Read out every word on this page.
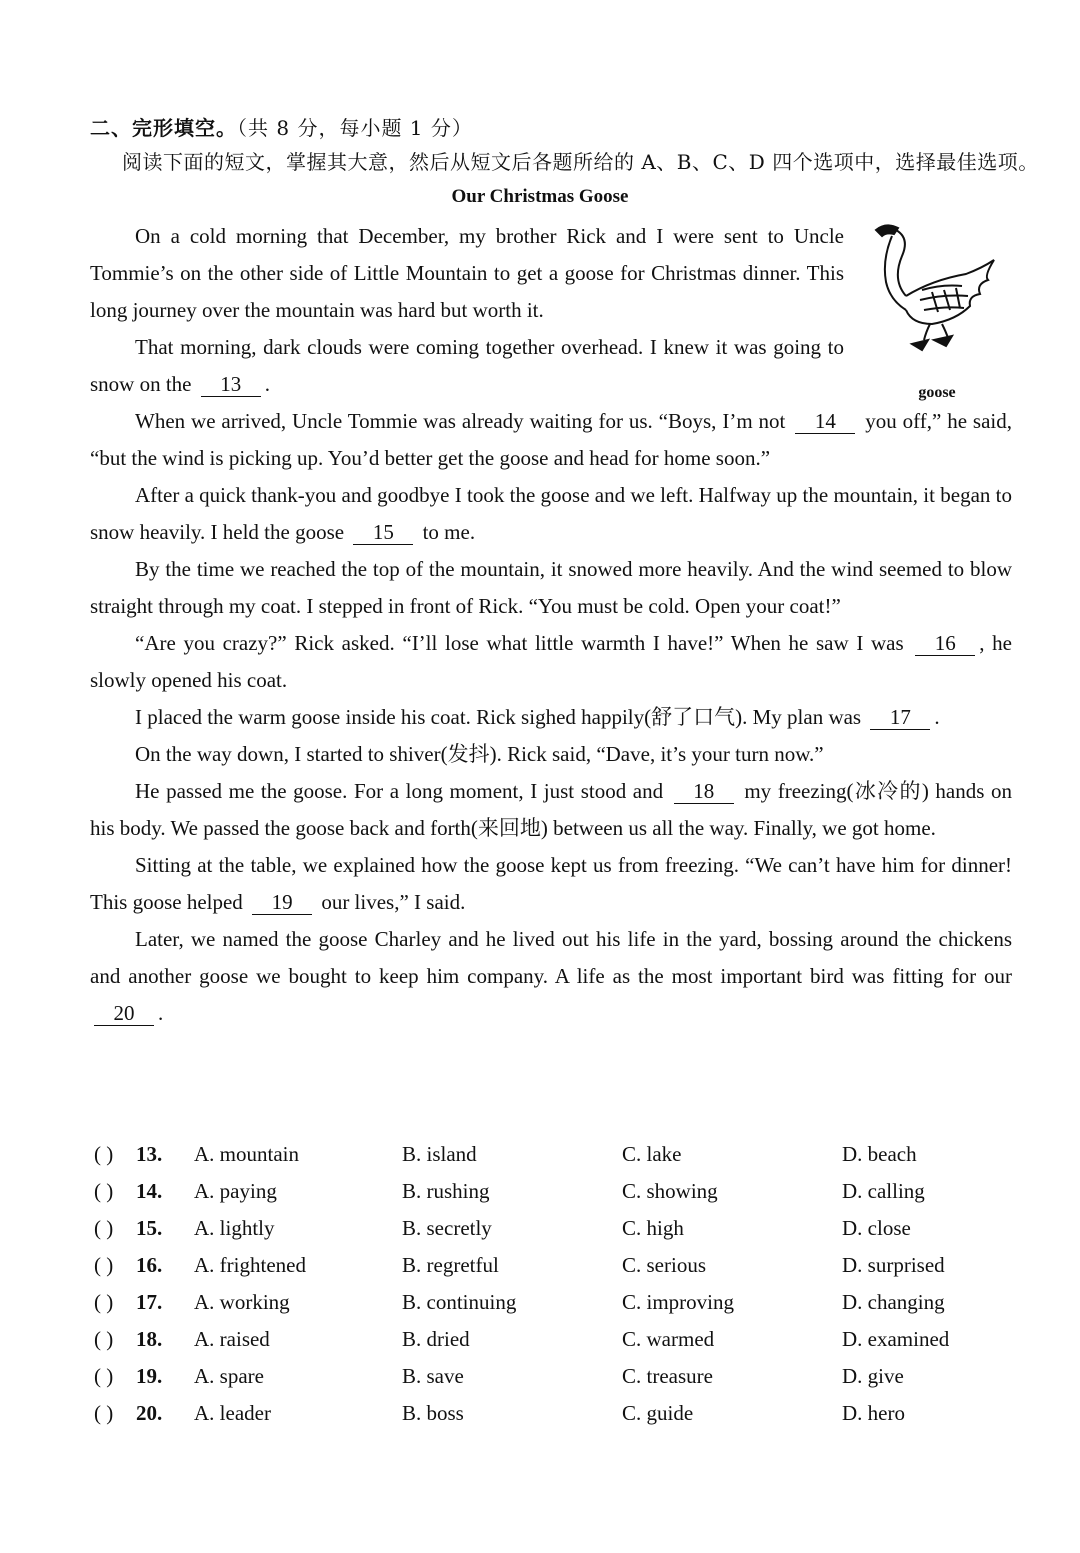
二、完形填空。（共 8 分，每小题 1 分）
阅读下面的短文，掌握其大意，然后从短文后各题所给的 A、B、C、D 四个选项中，选择最佳选项。
Our Christmas Goose
goose

On a cold morning that December, my brother Rick and I were sent to Uncle Tommie’s on the other side of Little Mountain to get a goose for Christmas dinner. This long journey over the mountain was hard but worth it.

That morning, dark clouds were coming together overhead. I knew it was going to snow on the 13 .

When we arrived, Uncle Tommie was already waiting for us. “Boys, I’m not 14 you off,” he said, “but the wind is picking up. You’d better get the goose and head for home soon.”

After a quick thank-you and goodbye I took the goose and we left. Halfway up the mountain, it began to snow heavily. I held the goose 15 to me.

By the time we reached the top of the mountain, it snowed more heavily. And the wind seemed to blow straight through my coat. I stepped in front of Rick. “You must be cold. Open your coat!”

“Are you crazy?” Rick asked. “I’ll lose what little warmth I have!” When he saw I was 16 , he slowly opened his coat.

I placed the warm goose inside his coat. Rick sighed happily(舒了口气). My plan was 17 .

On the way down, I started to shiver(发抖). Rick said, “Dave, it’s your turn now.”

He passed me the goose. For a long moment, I just stood and 18 my freezing(冰冷的) hands on his body. We passed the goose back and forth(来回地) between us all the way. Finally, we got home.

Sitting at the table, we explained how the goose kept us from freezing. “We can’t have him for dinner! This goose helped 19 our lives,” I said.

Later, we named the goose Charley and he lived out his life in the yard, bossing around the chickens and another goose we bought to keep him company. A life as the most important bird was fitting for our 20 .

( ) 13. A. mountain	B. island	C. lake	D. beach
( ) 14. A. paying	B. rushing	C. showing	D. calling
( ) 15. A. lightly	B. secretly	C. high	D. close
( ) 16. A. frightened	B. regretful	C. serious	D. surprised
( ) 17. A. working	B. continuing	C. improving	D. changing
( ) 18. A. raised	B. dried	C. warmed	D. examined
( ) 19. A. spare	B. save	C. treasure	D. give
( ) 20. A. leader	B. boss	C. guide	D. hero
